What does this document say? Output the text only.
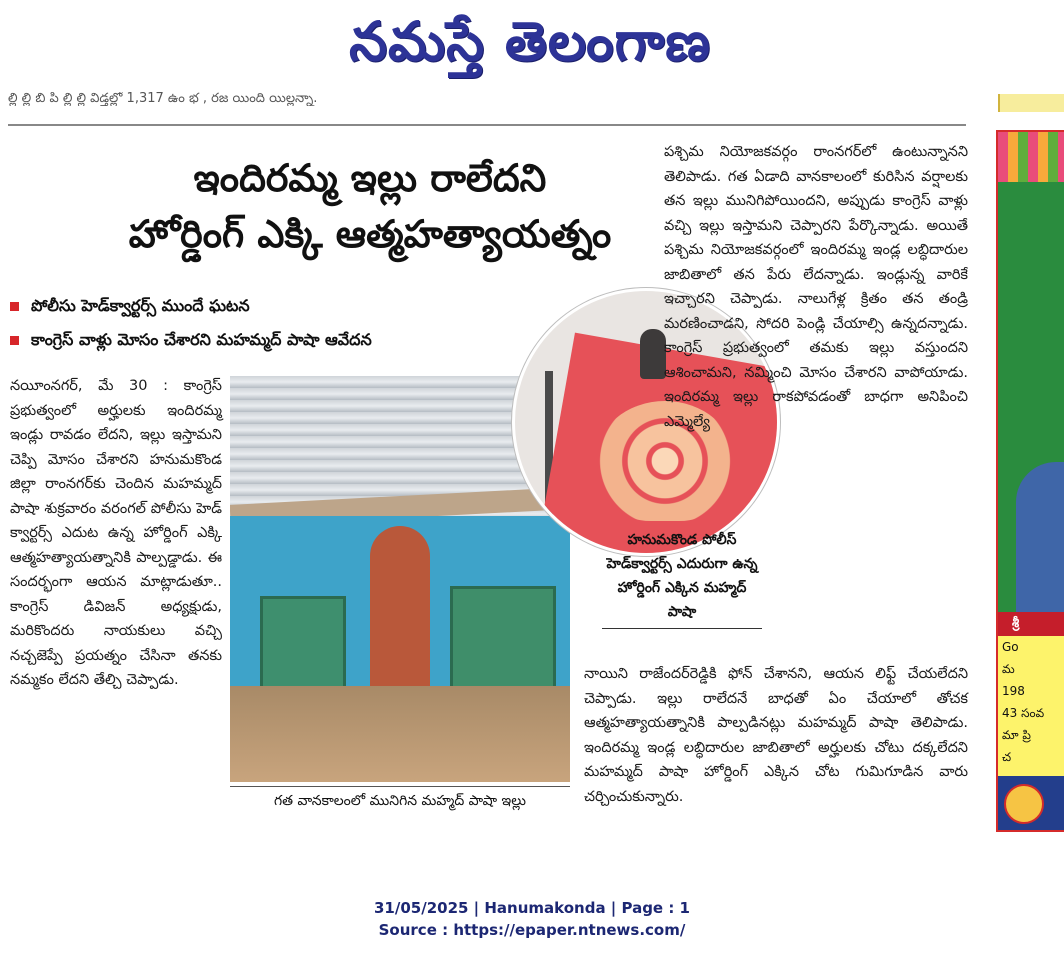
నమస్తే తెలంగాణ
ల్లి ల్లి బి పి ల్లి ల్లి విడ్తల్లో 1,317 ఉం భ , రజ యింది యిల్లన్నా.
ఇందిరమ్మ ఇల్లు రాలేదని
హోర్డింగ్ ఎక్కి ఆత్మహత్యాయత్నం
పోలీసు హెడ్‌క్వార్టర్స్ ముందే ఘటన
కాంగ్రెస్ వాళ్లు మోసం చేశారని మహమ్మద్ పాషా ఆవేదన
నయీంనగర్, మే 30 : కాంగ్రెస్ ప్రభుత్వంలో అర్హులకు ఇందిరమ్మ ఇండ్లు రావడం లేదని, ఇల్లు ఇస్తామని చెప్పి మోసం చేశారని హనుమకొండ జిల్లా రాంనగర్‌కు చెందిన మహమ్మద్ పాషా శుక్రవారం వరంగల్ పోలీసు హెడ్ క్వార్టర్స్ ఎదుట ఉన్న హోర్డింగ్ ఎక్కి ఆత్మహత్యాయత్నానికి పాల్పడ్డాడు. ఈ సందర్భంగా ఆయన మాట్లాడుతూ.. కాంగ్రెస్ డివిజన్ అధ్యక్షుడు, మరికొందరు నాయకులు వచ్చి నచ్చజెప్పే ప్రయత్నం చేసినా తనకు నమ్మకం లేదని తేల్చి చెప్పాడు.
గత వానకాలంలో మునిగిన మహ్మద్ పాషా ఇల్లు
హనుమకొండ పోలీస్ హెడ్‌క్వార్టర్స్ ఎదురుగా ఉన్న హోర్డింగ్ ఎక్కిన మహ్మద్ పాషా
పశ్చిమ నియోజకవర్గం రాంనగర్‌లో ఉంటున్నానని తెలిపాడు. గత ఏడాది వానకాలంలో కురిసిన వర్షాలకు తన ఇల్లు మునిగిపోయిందని, అప్పుడు కాంగ్రెస్ వాళ్లు వచ్చి ఇల్లు ఇస్తామని చెప్పారని పేర్కొన్నాడు. అయితే పశ్చిమ నియోజకవర్గంలో ఇందిరమ్మ ఇండ్ల లబ్ధిదారుల జాబితాలో తన పేరు లేదన్నాడు. ఇండ్లున్న వారికే ఇచ్చారని చెప్పాడు. నాలుగేళ్ల క్రితం తన తండ్రి మరణించాడని, సోదరి పెండ్లి చేయాల్సి ఉన్నదన్నాడు. కాంగ్రెస్ ప్రభుత్వంలో తమకు ఇల్లు వస్తుందని ఆశించామని, నమ్మించి మోసం చేశారని వాపోయాడు. ఇందిరమ్మ ఇల్లు రాకపోవడంతో బాధగా అనిపించి ఎమ్మెల్యే
నాయిని రాజేందర్‌రెడ్డికి ఫోన్ చేశానని, ఆయన లిఫ్ట్ చేయలేదని చెప్పాడు. ఇల్లు రాలేదనే బాధతో ఏం చేయాలో తోచక ఆత్మహత్యాయత్నానికి పాల్పడినట్లు మహమ్మద్ పాషా తెలిపాడు. ఇందిరమ్మ ఇండ్ల లబ్ధిదారుల జాబితాలో అర్హులకు చోటు దక్కలేదని మహమ్మద్ పాషా హోర్డింగ్ ఎక్కిన చోట గుమిగూడిన వారు చర్చించుకున్నారు.
శ్రీ
Go
మ
198
43 సంవ
మా ప్రి
చ
31/05/2025 | Hanumakonda | Page : 1
Source : https://epaper.ntnews.com/
